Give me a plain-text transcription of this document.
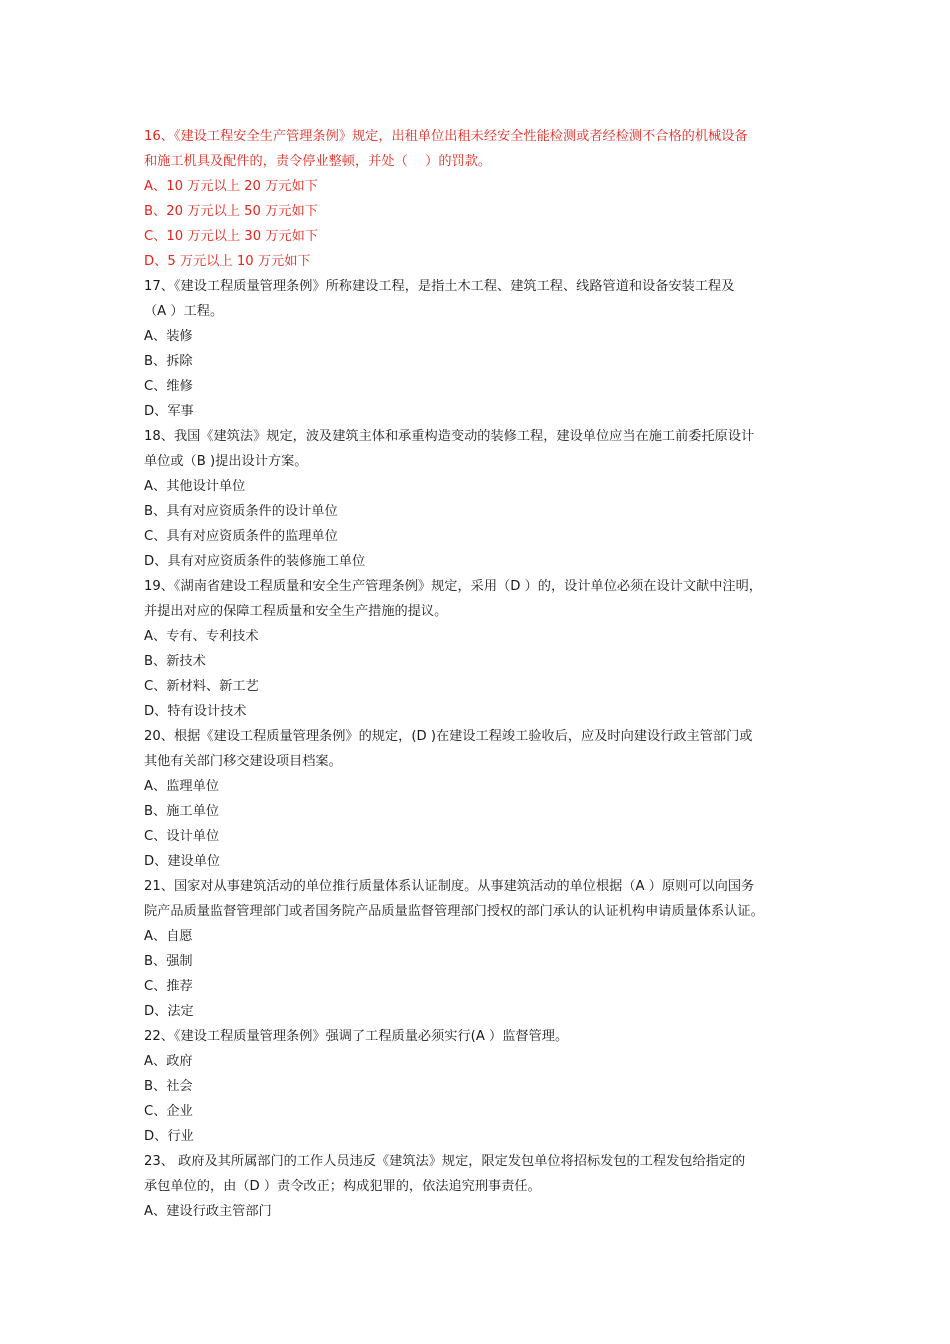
16、《建设工程安全生产管理条例》规定，出租单位出租未经安全性能检测或者经检测不合格的机械设备
和施工机具及配件的，责令停业整顿，并处（　 ）的罚款。
A、10 万元以上 20 万元如下
B、20 万元以上 50 万元如下
C、10 万元以上 30 万元如下
D、5 万元以上 10 万元如下
17、《建设工程质量管理条例》所称建设工程，是指土木工程、建筑工程、线路管道和设备安装工程及
（A ）工程。
A、装修
B、拆除
C、维修
D、军事
18、我国《建筑法》规定，波及建筑主体和承重构造变动的装修工程，建设单位应当在施工前委托原设计
单位或（B )提出设计方案。
A、其他设计单位
B、具有对应资质条件的设计单位
C、具有对应资质条件的监理单位
D、具有对应资质条件的装修施工单位
19、《湖南省建设工程质量和安全生产管理条例》规定，采用（D ）的，设计单位必须在设计文献中注明，
并提出对应的保障工程质量和安全生产措施的提议。
A、专有、专利技术
B、新技术
C、新材料、新工艺
D、特有设计技术
20、根据《建设工程质量管理条例》的规定，(D )在建设工程竣工验收后，应及时向建设行政主管部门或
其他有关部门移交建设项目档案。
A、监理单位
B、施工单位
C、设计单位
D、建设单位
21、国家对从事建筑活动的单位推行质量体系认证制度。从事建筑活动的单位根据（A ）原则可以向国务
院产品质量监督管理部门或者国务院产品质量监督管理部门授权的部门承认的认证机构申请质量体系认证。
A、自愿
B、强制
C、推荐
D、法定
22、《建设工程质量管理条例》强调了工程质量必须实行(A ）监督管理。
A、政府
B、社会
C、企业
D、行业
23、 政府及其所属部门的工作人员违反《建筑法》规定，限定发包单位将招标发包的工程发包给指定的
承包单位的，由（D ）责令改正；构成犯罪的，依法追究刑事责任。
A、建设行政主管部门
